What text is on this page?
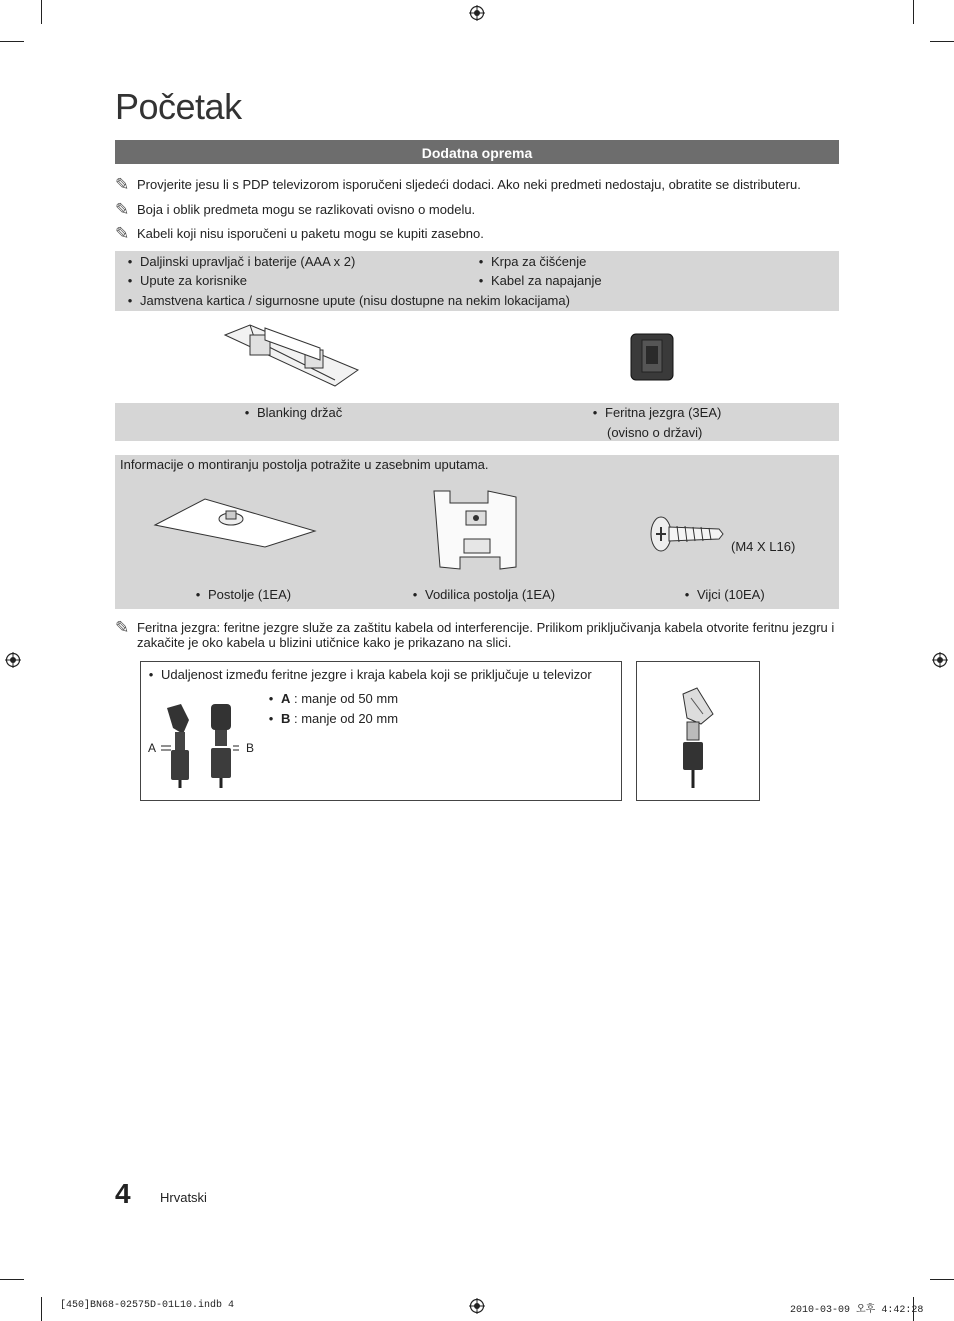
Početak
Dodatna oprema
✎ Provjerite jesu li s PDP televizorom isporučeni sljedeći dodaci. Ako neki predmeti nedostaju, obratite se distributeru.
✎ Boja i oblik predmeta mogu se razlikovati ovisno o modelu.
✎ Kabeli koji nisu isporučeni u paketu mogu se kupiti zasebno.
• Daljinski upravljač i baterije (AAA x 2)
• Upute za korisnike
• Jamstvena kartica / sigurnosne upute (nisu dostupne na nekim lokacijama)
• Krpa za čišćenje
• Kabel za napajanje
• Blanking držač	• Feritna jezgra (3EA)
(ovisno o državi)
Informacije o montiranju postolja potražite u zasebnim uputama.
(M4 X L16)
• Postolje (1EA)	• Vodilica postolja (1EA)	• Vijci (10EA)
✎ Feritna jezgra: feritne jezgre služe za zaštitu kabela od interferencije. Prilikom priključivanja kabela otvorite feritnu jezgru i zakačite je oko kabela u blizini utičnice kako je prikazano na slici.
• Udaljenost između feritne jezgre i kraja kabela koji se priključuje u televizor
• A : manje od 50 mm
• B : manje od 20 mm
A	B
4 Hrvatski
[450]BN68-02575D-01L10.indb 4	2010-03-09 오후 4:42:28
